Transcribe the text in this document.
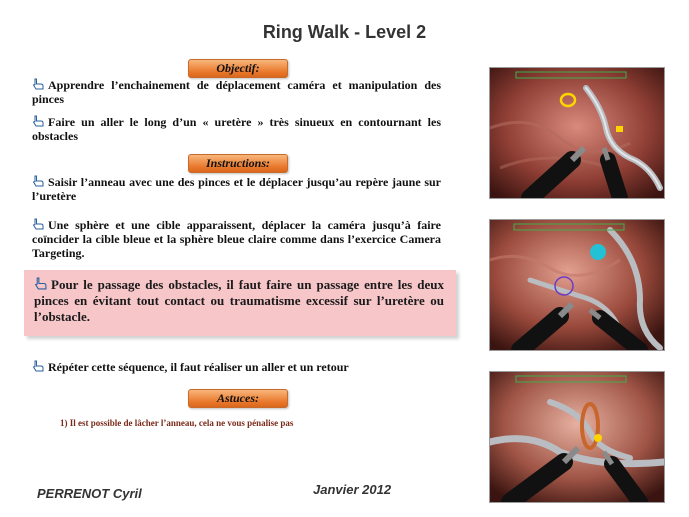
Ring Walk - Level 2
Objectif:
Apprendre l’enchainement de déplacement caméra et manipulation des pinces
Faire un aller le long d’un « uretère » très sinueux en contournant les obstacles
Instructions:
Saisir l’anneau avec une des pinces et le déplacer jusqu’au repère jaune sur l’uretère
Une sphère et une cible apparaissent, déplacer la caméra jusqu’à faire coïncider la cible bleue et la sphère bleue claire comme dans l’exercice Camera Targeting.
Pour le passage des obstacles, il faut faire un passage entre les deux pinces en évitant tout contact ou traumatisme excessif sur l’uretère ou l’obstacle.
Répéter cette séquence, il faut réaliser un aller et un retour
Astuces:
1) Il est possible de lâcher l’anneau, cela ne vous pénalise pas
PERRENOT Cyril	Janvier 2012
